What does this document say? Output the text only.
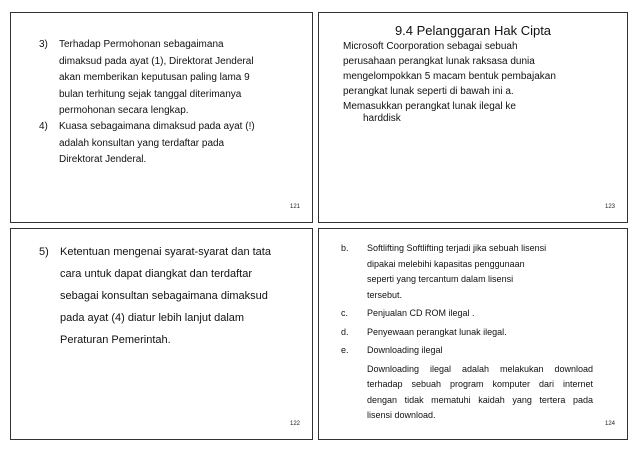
3) Terhadap Permohonan sebagaimana
dimaksud pada ayat (1), Direktorat Jenderal
akan memberikan keputusan paling lama 9
bulan terhitung sejak tanggal diterimanya
permohonan secara lengkap.
4) Kuasa sebagaimana dimaksud pada ayat (!)
adalah konsultan yang terdaftar pada
Direktorat Jenderal.
121
9.4 Pelanggaran Hak Cipta
Microsoft Coorporation sebagai sebuah
perusahaan perangkat lunak raksasa dunia
mengelompokkan 5 macam bentuk pembajakan
perangkat lunak seperti di bawah ini a.
Memasukkan perangkat lunak ilegal ke
harddisk
123
5) Ketentuan mengenai syarat-syarat dan tata
cara untuk dapat diangkat dan terdaftar
sebagai konsultan sebagaimana dimaksud
pada ayat (4) diatur lebih lanjut dalam
Peraturan Pemerintah.
122
b. Softlifting Softlifting terjadi jika sebuah lisensi
dipakai melebihi kapasitas penggunaan
seperti yang tercantum dalam lisensi
tersebut.
c. Penjualan CD ROM ilegal .
d. Penyewaan perangkat lunak ilegal.
e. Downloading ilegal
Downloading ilegal adalah melakukan download
terhadap sebuah program komputer dari internet
dengan tidak mematuhi kaidah yang tertera pada
lisensi download.
124
